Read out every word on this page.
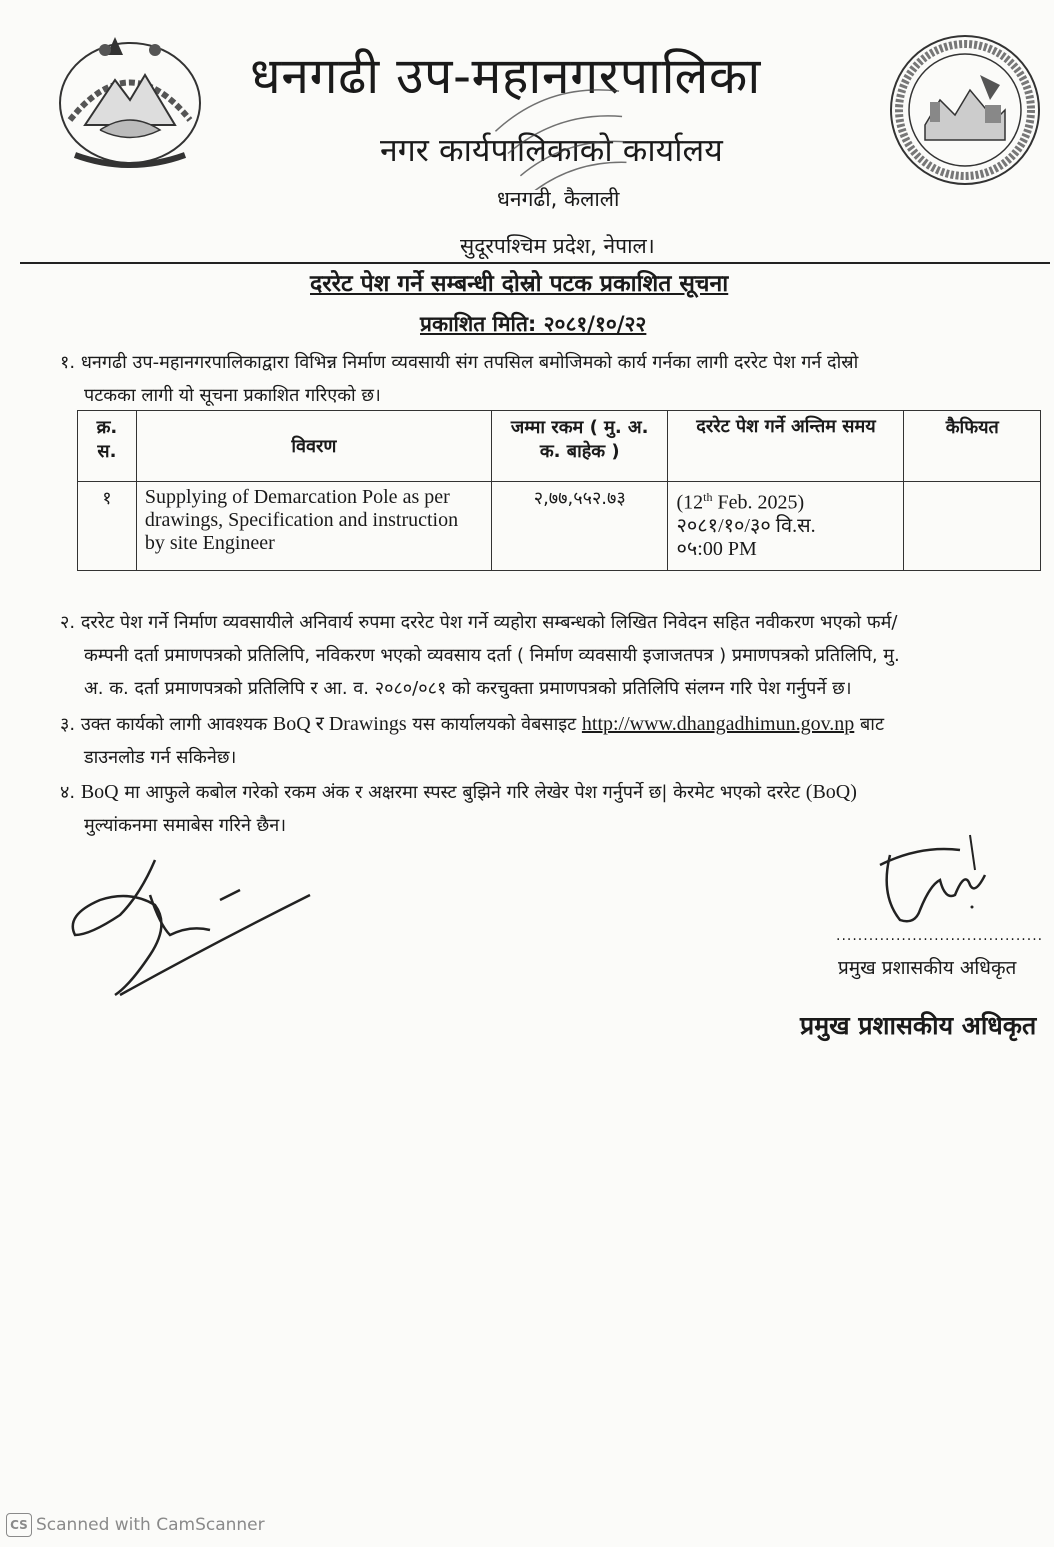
धनगढी उप-महानगरपालिका
नगर कार्यपालिकाको कार्यालय
धनगढी, कैलाली
सुदूरपश्चिम प्रदेश, नेपाल।
दररेट पेश गर्ने सम्बन्धी दोस्रो पटक प्रकाशित सूचना
प्रकाशित मिति: २०८१/१०/२२
१. धनगढी उप-महानगरपालिकाद्वारा विभिन्न निर्माण व्यवसायी संग तपसिल बमोजिमको कार्य गर्नका लागी दररेट पेश गर्न दोस्रो
पटकका लागी यो सूचना प्रकाशित गरिएको छ।
क्र. स.	विवरण	जम्मा रकम ( मु. अ. क. बाहेक )	दररेट पेश गर्ने अन्तिम समय	कैफियत
१	Supplying of Demarcation Pole as per drawings, Specification and instruction by site Engineer	२,७७,५५२.७३	(12th Feb. 2025)
२०८१/१०/३० वि.स.
०५:00 PM	
२. दररेट पेश गर्ने निर्माण व्यवसायीले अनिवार्य रुपमा दररेट पेश गर्ने व्यहोरा सम्बन्धको लिखित निवेदन सहित नवीकरण भएको फर्म/
कम्पनी दर्ता प्रमाणपत्रको प्रतिलिपि, नविकरण भएको व्यवसाय दर्ता ( निर्माण व्यवसायी इजाजतपत्र ) प्रमाणपत्रको प्रतिलिपि, मु.
अ. क. दर्ता प्रमाणपत्रको प्रतिलिपि र आ. व. २०८०/०८१ को करचुक्ता प्रमाणपत्रको प्रतिलिपि संलग्न गरि पेश गर्नुपर्ने छ।
३. उक्त कार्यको लागी आवश्यक BoQ र Drawings यस कार्यालयको वेबसाइट http://www.dhangadhimun.gov.np बाट
डाउनलोड गर्न सकिनेछ।
४. BoQ मा आफुले कबोल गरेको रकम अंक र अक्षरमा स्पस्ट बुझिने गरि लेखेर पेश गर्नुपर्ने छ| केरमेट भएको दररेट (BoQ)
मुल्यांकनमा समाबेस गरिने छैन।
......................................
प्रमुख प्रशासकीय अधिकृत
प्रमुख प्रशासकीय अधिकृत
CS Scanned with CamScanner
